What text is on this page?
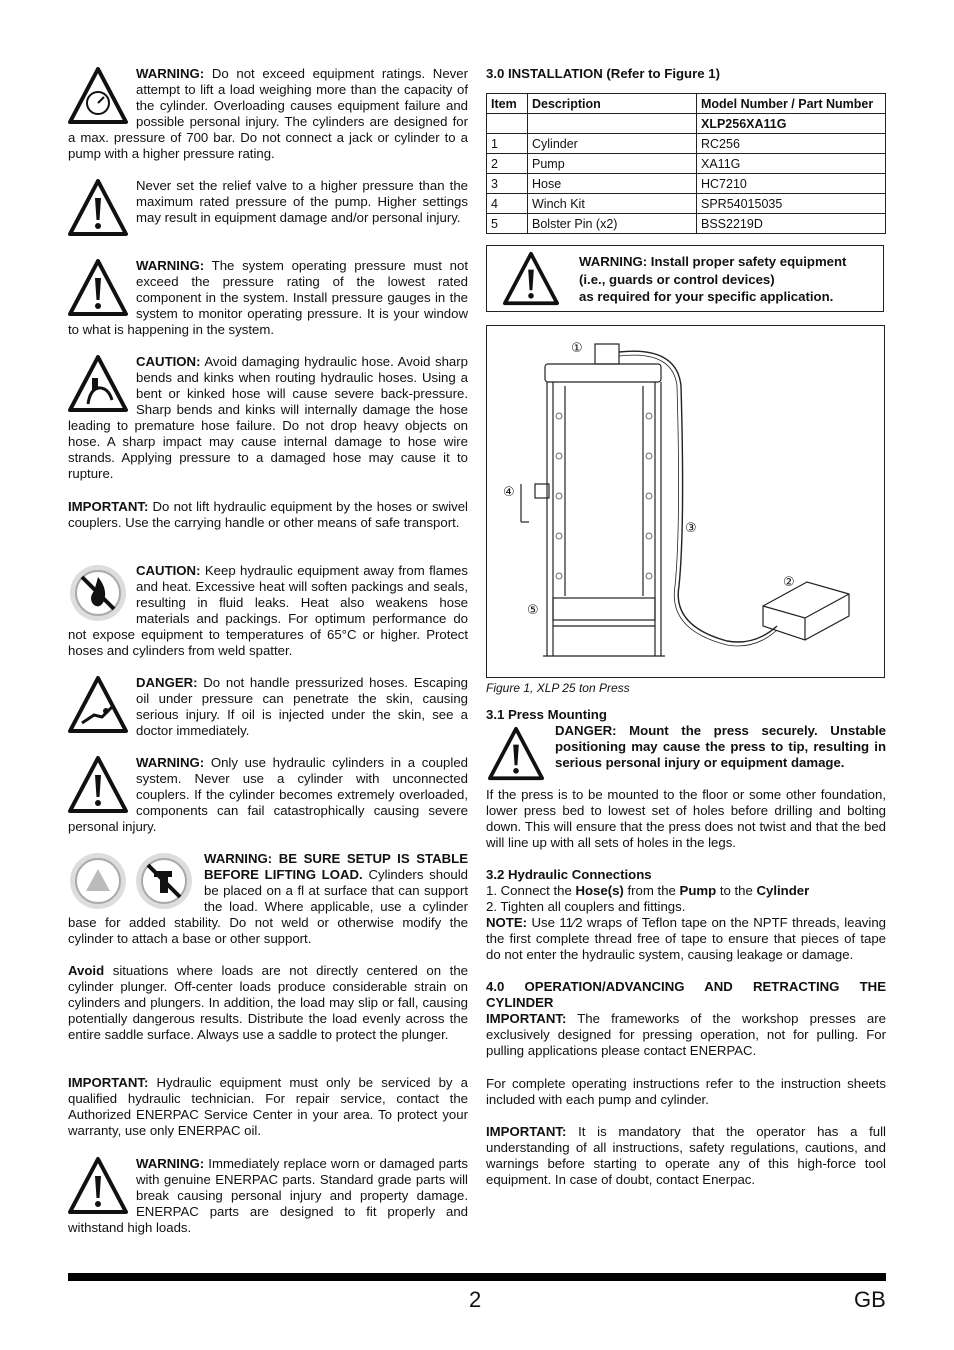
WARNING: Do not exceed equipment ratings. Never attempt to lift a load weighing more than the capacity of the cylinder. Overloading causes equipment failure and possible personal injury. The cylinders are designed for a max. pressure of 700 bar. Do not connect a jack or cylinder to a pump with a higher pressure rating.

Never set the relief valve to a higher pressure than the maximum rated pressure of the pump. Higher settings may result in equipment damage and/or personal injury.

WARNING: The system operating pressure must not exceed the pressure rating of the lowest rated component in the system. Install pressure gauges in the system to monitor operating pressure. It is your window to what is happening in the system.

CAUTION: Avoid damaging hydraulic hose. Avoid sharp bends and kinks when routing hydraulic hoses. Using a bent or kinked hose will cause severe back-pressure. Sharp bends and kinks will internally damage the hose leading to premature hose failure. Do not drop heavy objects on hose. A sharp impact may cause internal damage to hose wire strands. Applying pressure to a damaged hose may cause it to rupture.

IMPORTANT: Do not lift hydraulic equipment by the hoses or swivel couplers. Use the carrying handle or other means of safe transport.

CAUTION: Keep hydraulic equipment away from flames and heat. Excessive heat will soften packings and seals, resulting in fluid leaks. Heat also weakens hose materials and packings. For optimum performance do not expose equipment to temperatures of 65°C or higher. Protect hoses and cylinders from weld spatter.

DANGER: Do not handle pressurized hoses. Escaping oil under pressure can penetrate the skin, causing serious injury. If oil is injected under the skin, see a doctor immediately.

WARNING: Only use hydraulic cylinders in a coupled system. Never use a cylinder with unconnected couplers. If the cylinder becomes extremely overloaded, components can fail catastrophically causing severe personal injury.

WARNING: BE SURE SETUP IS STABLE BEFORE LIFTING LOAD. Cylinders should be placed on a ﬂ at surface that can support the load. Where applicable, use a cylinder base for added stability. Do not weld or otherwise modify the cylinder to attach a base or other support.

Avoid situations where loads are not directly centered on the cylinder plunger. Off-center loads produce considerable strain on cylinders and plungers. In addition, the load may slip or fall, causing potentially dangerous results. Distribute the load evenly across the entire saddle surface. Always use a saddle to protect the plunger.

IMPORTANT: Hydraulic equipment must only be serviced by a qualified hydraulic technician. For repair service, contact the Authorized ENERPAC Service Center in your area. To protect your warranty, use only ENERPAC oil.

WARNING: Immediately replace worn or damaged parts with genuine ENERPAC parts. Standard grade parts will break causing personal injury and property damage. ENERPAC parts are designed to fit properly and withstand high loads.

3.0 INSTALLATION (Refer to Figure 1)
Item	Description	Model Number / Part Number
		XLP256XA11G
1	Cylinder	RC256
2	Pump	XA11G
3	Hose	HC7210
4	Winch Kit	SPR54015035
5	Bolster Pin (x2)	BSS2219D
WARNING: Install proper safety equipment
(i.e., guards or control devices)
as required for your specific application.
①
②
③
④
⑤
Figure 1, XLP 25 ton Press
3.1 Press Mounting

DANGER: Mount the press securely. Unstable positioning may cause the press to tip, resulting in serious personal injury or equipment damage.

If the press is to be mounted to the floor or some other foundation, lower press bed to lowest set of holes before drilling and bolting down. This will ensure that the press does not twist and that the bed will line up with all sets of holes in the legs.

3.2 Hydraulic Connections
1. Connect the Hose(s) from the Pump to the Cylinder
2. Tighten all couplers and fittings.

NOTE: Use 11⁄2 wraps of Teflon tape on the NPTF threads, leaving the first complete thread free of tape to ensure that pieces of tape do not enter the hydraulic system, causing leakage or damage.

4.0 OPERATION/ADVANCING AND RETRACTING THE CYLINDER

IMPORTANT: The frameworks of the workshop presses are exclusively designed for pressing operation, not for pulling. For pulling applications please contact ENERPAC.

For complete operating instructions refer to the instruction sheets included with each pump and cylinder.

IMPORTANT: It is mandatory that the operator has a full understanding of all instructions, safety regulations, cautions, and warnings before starting to operate any of this high-force tool equipment. In case of doubt, contact Enerpac.

2	GB
